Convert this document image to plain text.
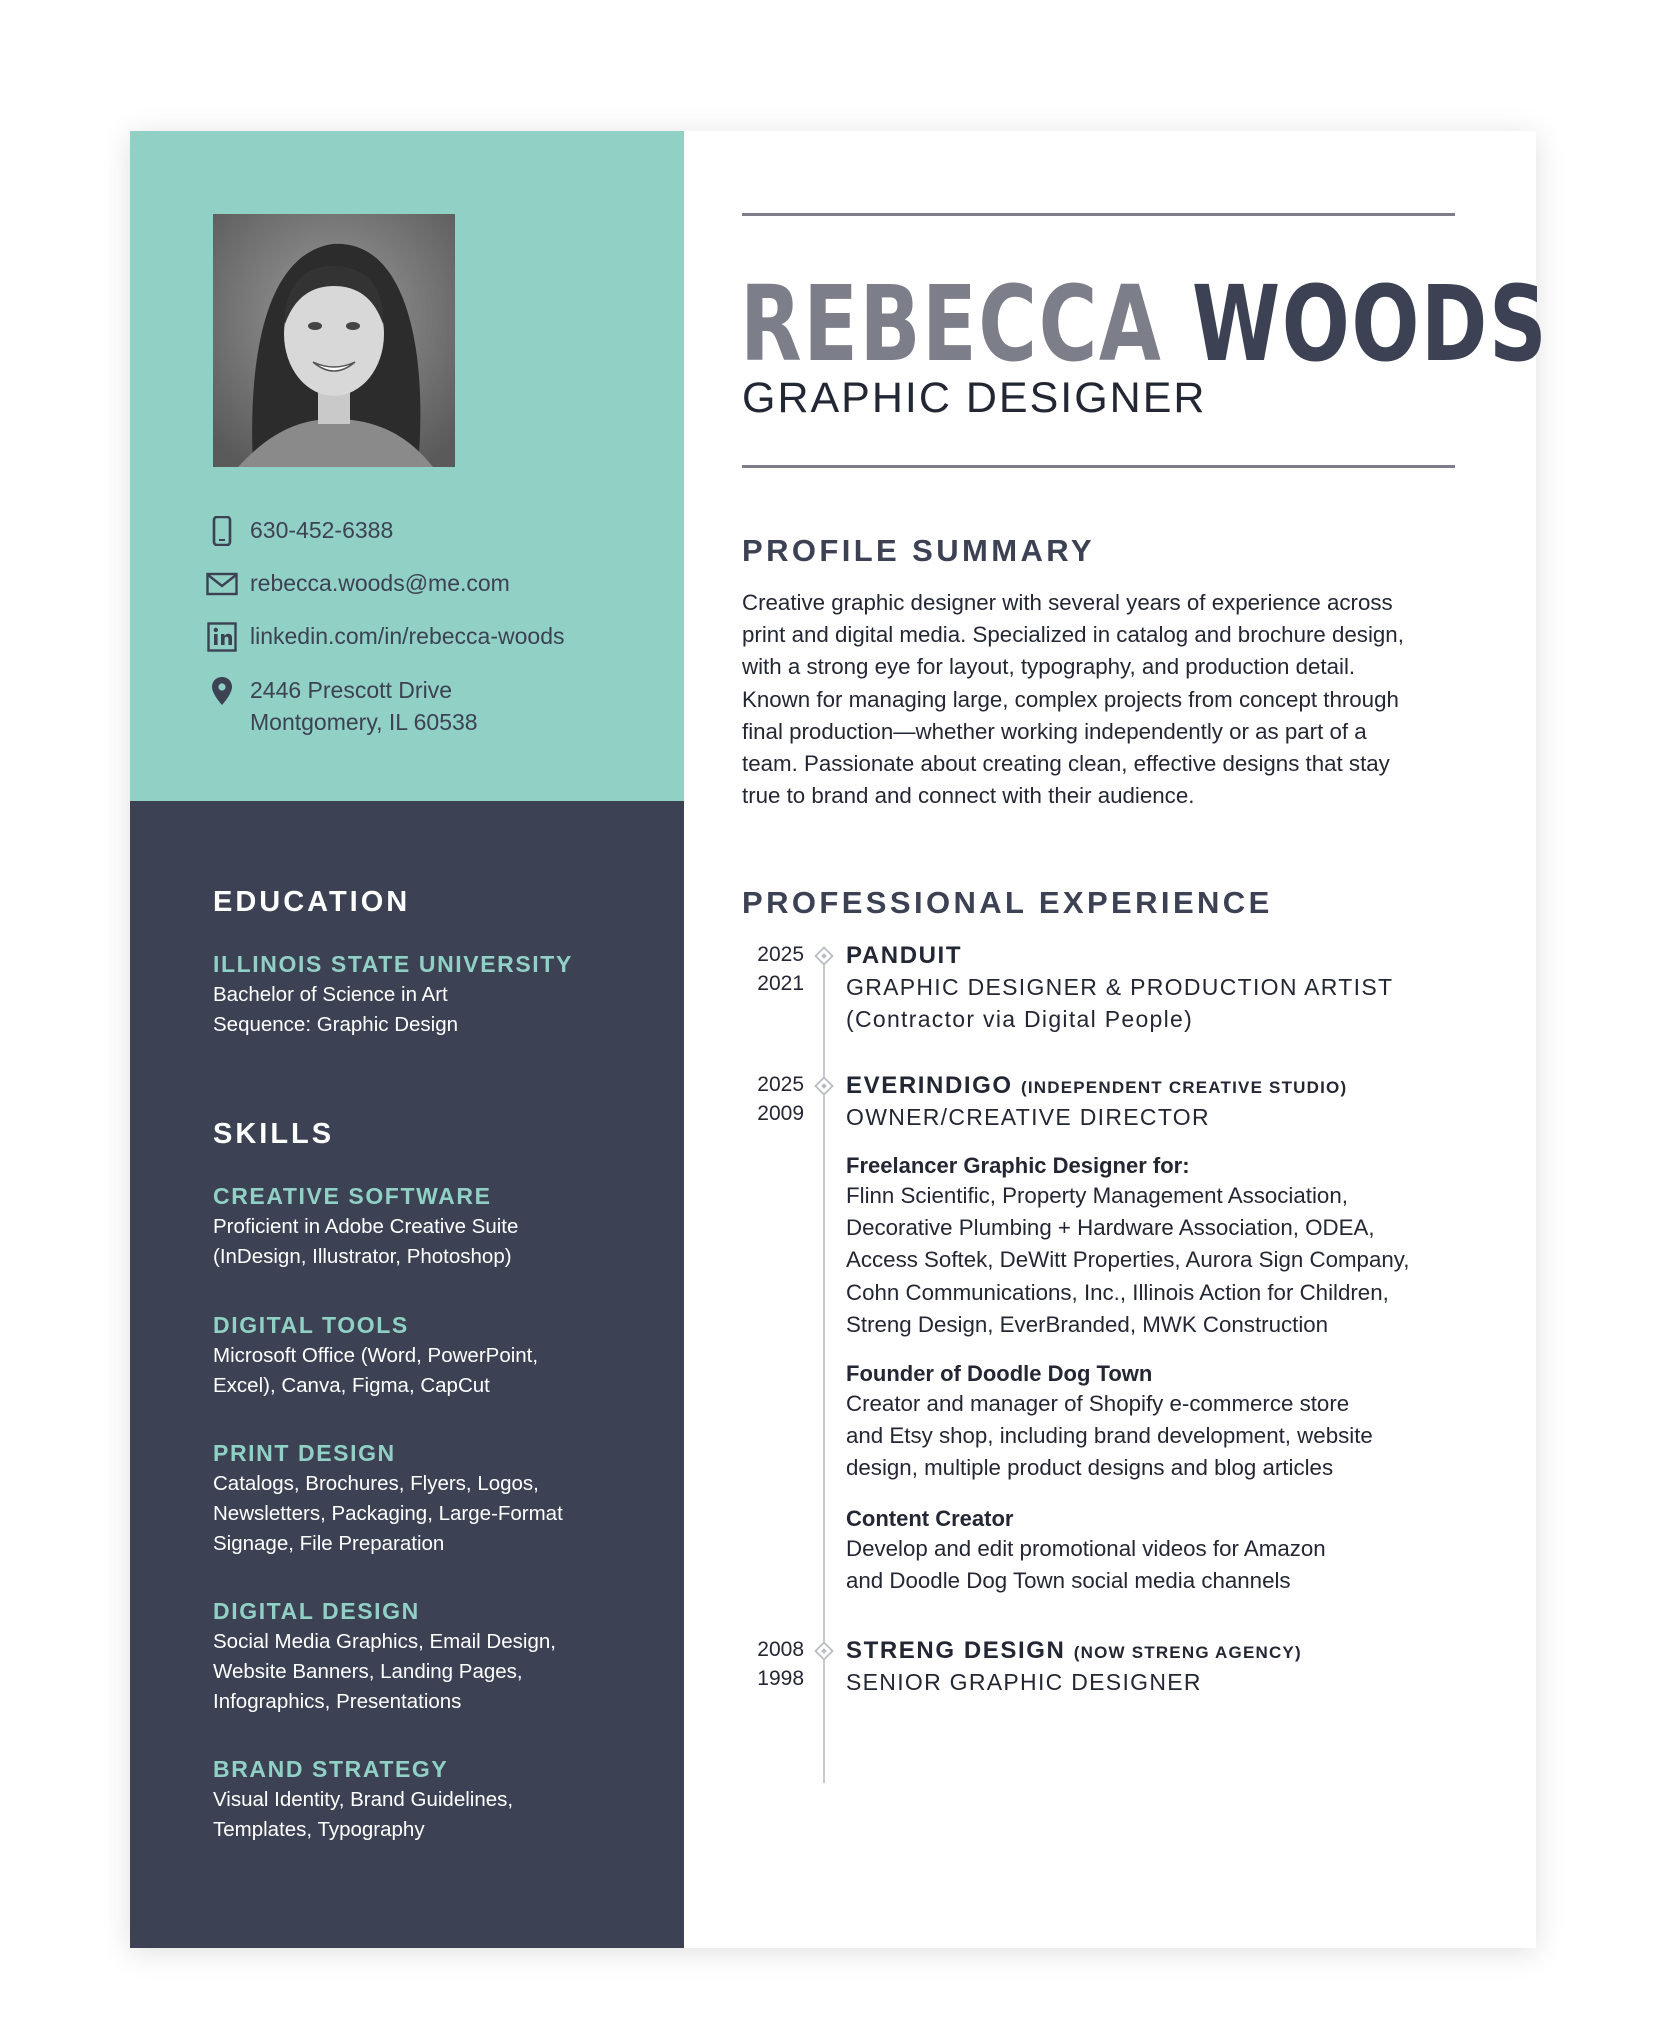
630-452-6388
rebecca.woods@me.com
linkedin.com/in/rebecca-woods
2446 Prescott Drive
Montgomery, IL 60538
EDUCATION
ILLINOIS STATE UNIVERSITY
Bachelor of Science in Art
Sequence: Graphic Design
SKILLS
CREATIVE SOFTWARE
Proficient in Adobe Creative Suite
(InDesign, Illustrator, Photoshop)
DIGITAL TOOLS
Microsoft Office (Word, PowerPoint,
Excel), Canva, Figma, CapCut
PRINT DESIGN
Catalogs, Brochures, Flyers, Logos,
Newsletters, Packaging, Large-Format
Signage, File Preparation
DIGITAL DESIGN
Social Media Graphics, Email Design,
Website Banners, Landing Pages,
Infographics, Presentations
BRAND STRATEGY
Visual Identity, Brand Guidelines,
Templates, Typography
REBECCA WOODS
GRAPHIC DESIGNER
PROFILE SUMMARY
Creative graphic designer with several years of experience across
print and digital media. Specialized in catalog and brochure design,
with a strong eye for layout, typography, and production detail.
Known for managing large, complex projects from concept through
final production—whether working independently or as part of a
team. Passionate about creating clean, effective designs that stay
true to brand and connect with their audience.
PROFESSIONAL EXPERIENCE
2025
2021
PANDUIT
GRAPHIC DESIGNER & PRODUCTION ARTIST
(Contractor via Digital People)
2025
2009
EVERINDIGO (INDEPENDENT CREATIVE STUDIO)
OWNER/CREATIVE DIRECTOR
Freelancer Graphic Designer for:
Flinn Scientific, Property Management Association,
Decorative Plumbing + Hardware Association, ODEA,
Access Softek, DeWitt Properties, Aurora Sign Company,
Cohn Communications, Inc., Illinois Action for Children,
Streng Design, EverBranded, MWK Construction
Founder of Doodle Dog Town
Creator and manager of Shopify e-commerce store
and Etsy shop, including brand development, website
design, multiple product designs and blog articles
Content Creator
Develop and edit promotional videos for Amazon
and Doodle Dog Town social media channels
2008
1998
STRENG DESIGN (NOW STRENG AGENCY)
SENIOR GRAPHIC DESIGNER
